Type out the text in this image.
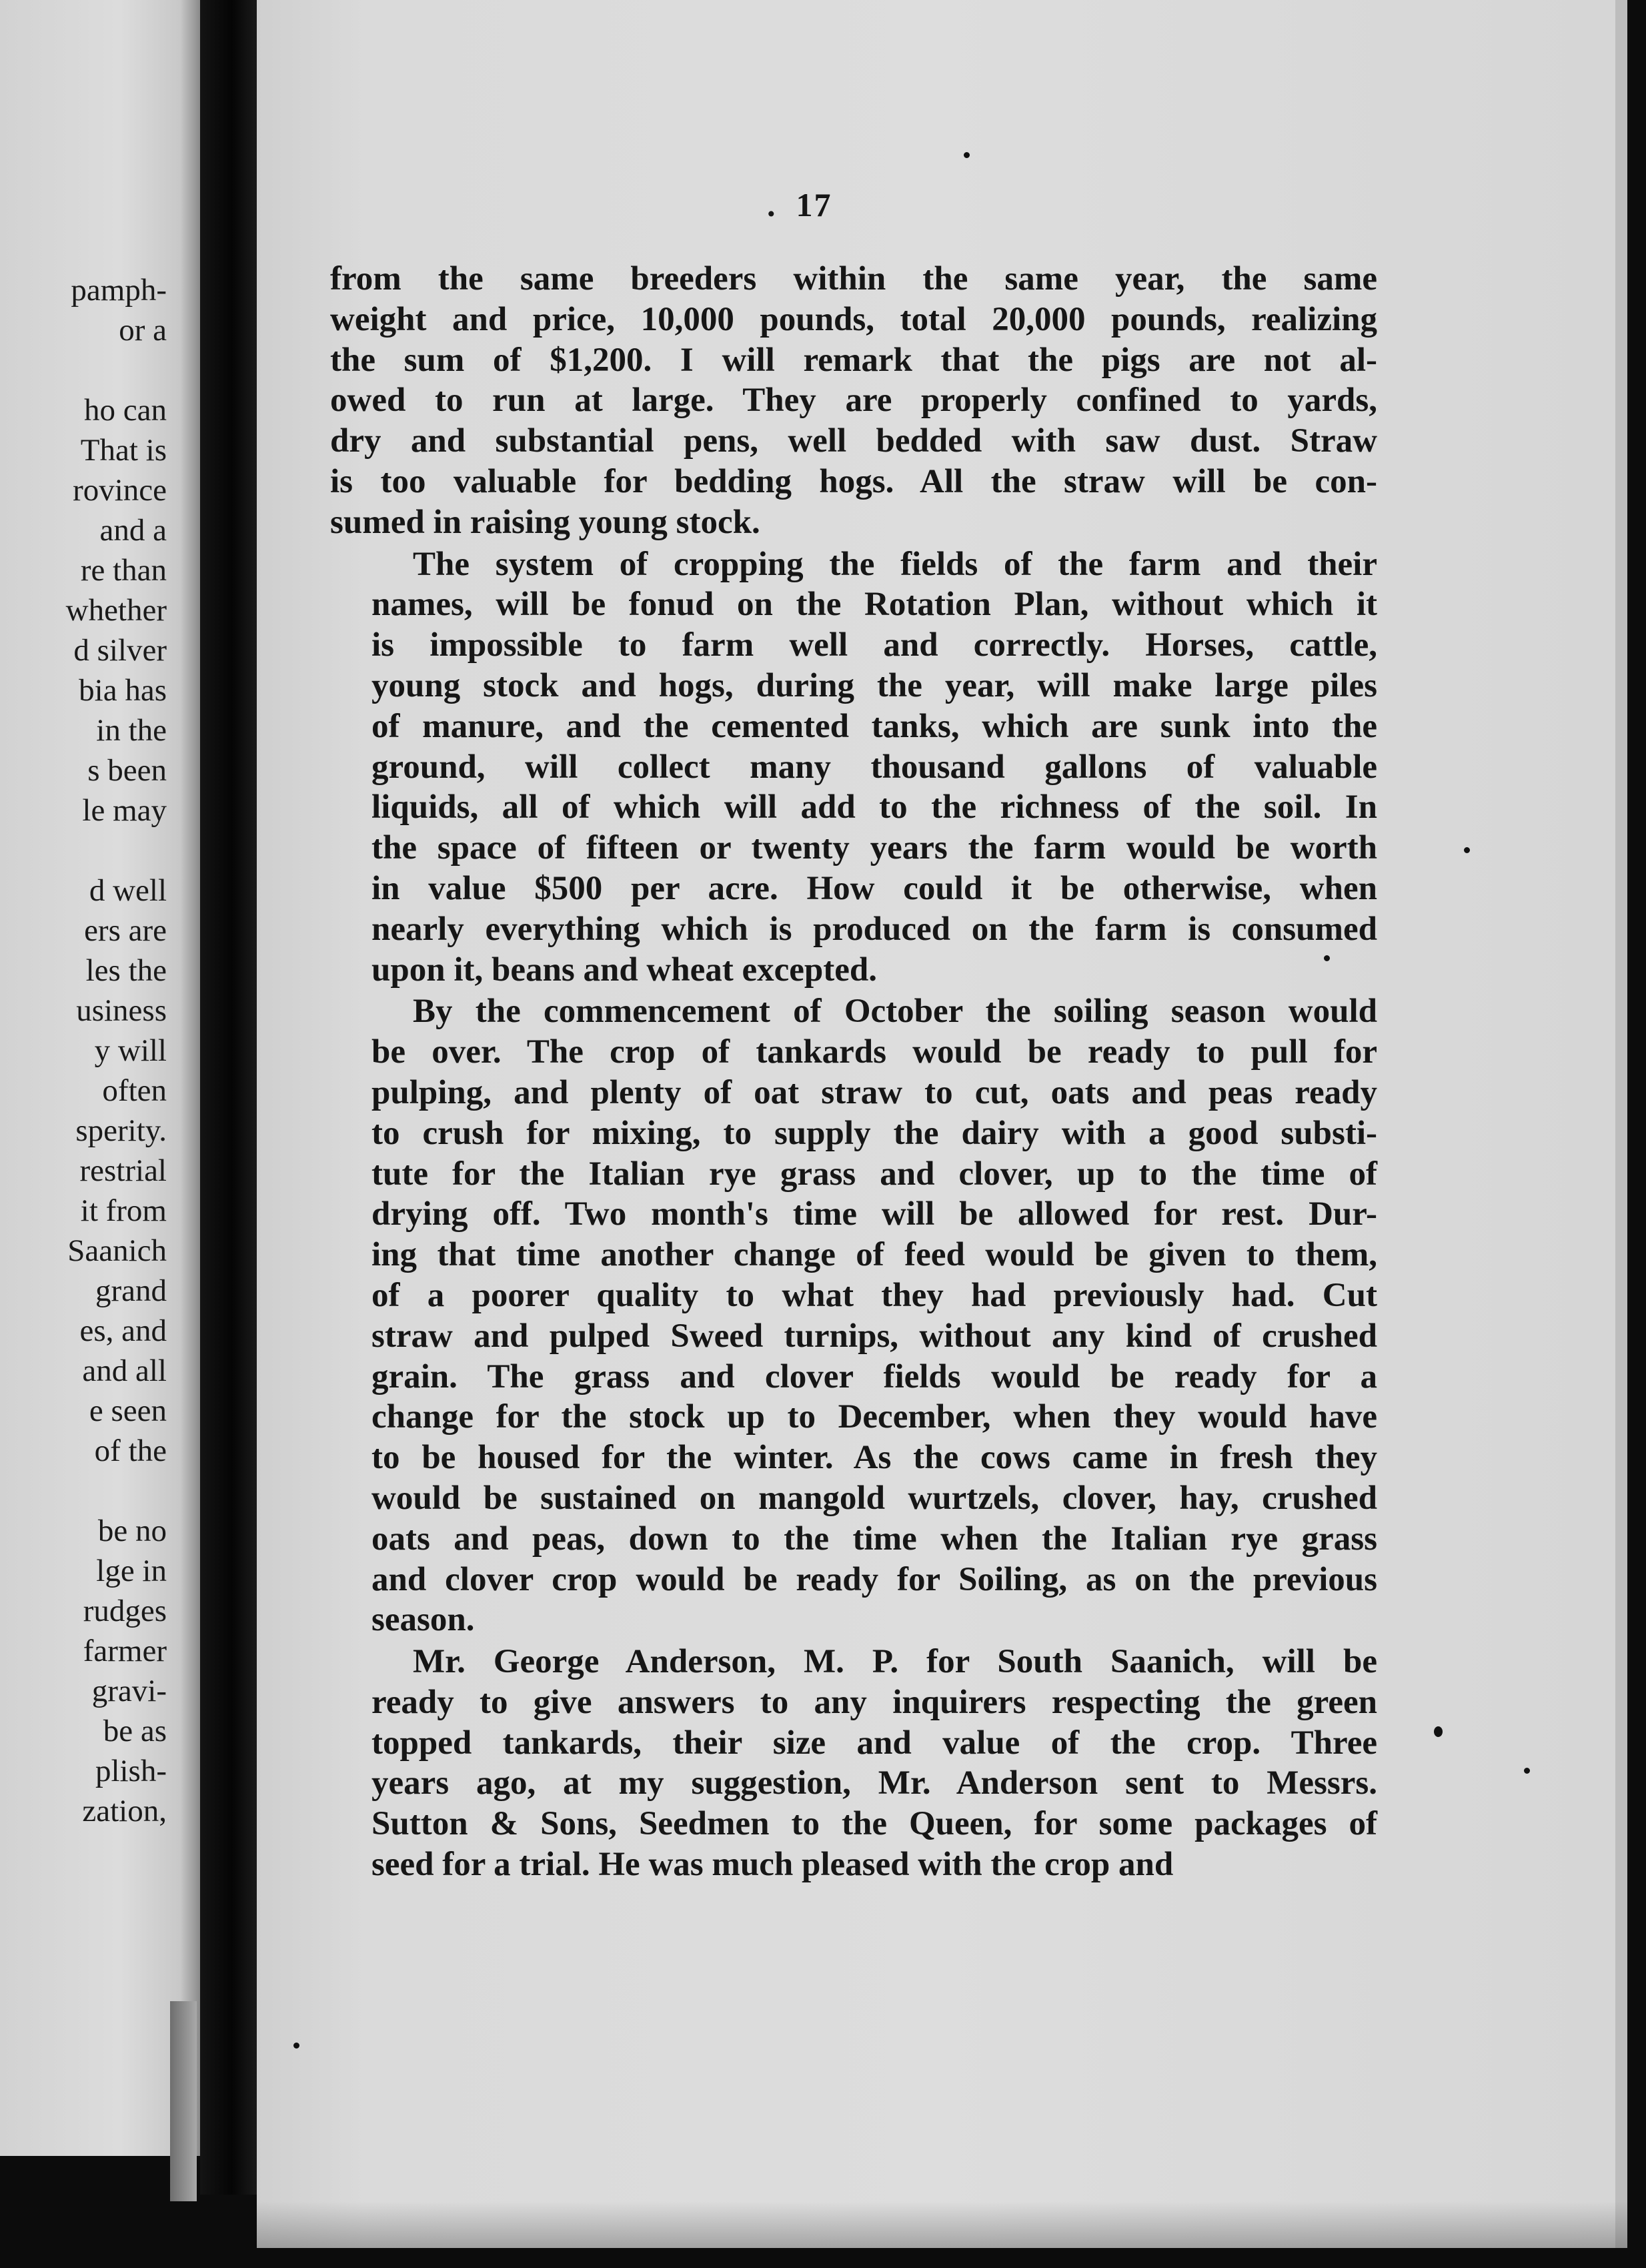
pamph-
or a
ho can
That is
rovince
and a
re than
whether
d silver
bia has
in the
s been
le may
d well
ers are
les the
usiness
y will
often
sperity.
restrial
it from
Saanich
grand
es, and
and all
e seen
of the
be no
lge in
rudges
farmer
gravi-
be as
plish-
zation,
. 17

from the same breeders within the same year, the same
weight and price, 10,000 pounds, total 20,000 pounds, realizing
the sum of $1,200. I will remark that the pigs are not al-
owed to run at large. They are properly confined to yards,
dry and substantial pens, well bedded with saw dust. Straw
is too valuable for bedding hogs. All the straw will be con-
sumed in raising young stock.

The system of cropping the fields of the farm and their
names, will be fonud on the Rotation Plan, without which it
is impossible to farm well and correctly. Horses, cattle,
young stock and hogs, during the year, will make large piles
of manure, and the cemented tanks, which are sunk into the
ground, will collect many thousand gallons of valuable
liquids, all of which will add to the richness of the soil. In
the space of fifteen or twenty years the farm would be worth
in value $500 per acre. How could it be otherwise, when
nearly everything which is produced on the farm is consumed
upon it, beans and wheat excepted.

By the commencement of October the soiling season would
be over. The crop of tankards would be ready to pull for
pulping, and plenty of oat straw to cut, oats and peas ready
to crush for mixing, to supply the dairy with a good substi-
tute for the Italian rye grass and clover, up to the time of
drying off. Two month's time will be allowed for rest. Dur-
ing that time another change of feed would be given to them,
of a poorer quality to what they had previously had. Cut
straw and pulped Sweed turnips, without any kind of crushed
grain. The grass and clover fields would be ready for a
change for the stock up to December, when they would have
to be housed for the winter. As the cows came in fresh they
would be sustained on mangold wurtzels, clover, hay, crushed
oats and peas, down to the time when the Italian rye grass
and clover crop would be ready for Soiling, as on the previous
season.

Mr. George Anderson, M. P. for South Saanich, will be
ready to give answers to any inquirers respecting the green
topped tankards, their size and value of the crop. Three
years ago, at my suggestion, Mr. Anderson sent to Messrs.
Sutton & Sons, Seedmen to the Queen, for some packages of
seed for a trial. He was much pleased with the crop and
